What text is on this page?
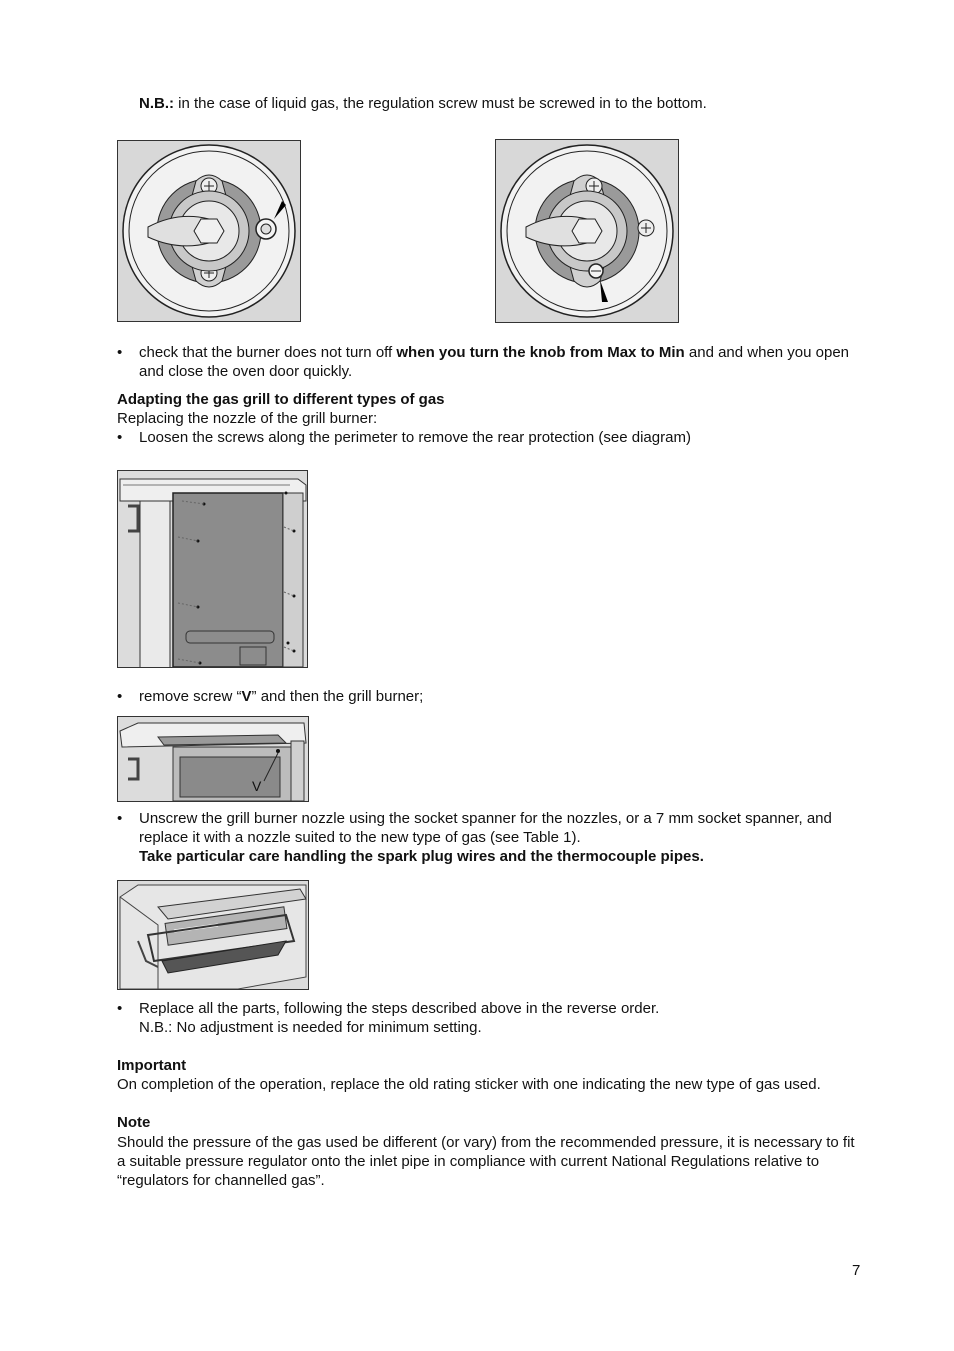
N.B.: in the case of liquid gas, the regulation screw must be screwed in to the bottom.
• check that the burner does not turn off when you turn the knob from Max to Min and and when you open and close the oven door quickly.
Adapting the gas grill to different types of gas
Replacing the nozzle of the grill burner:
• Loosen the screws along the perimeter to remove the rear protection (see diagram)
• remove screw “V” and then the grill burner;
V
• Unscrew the grill burner nozzle using the socket spanner for the nozzles, or a 7 mm socket spanner, and replace it with a nozzle suited to the new type of gas (see Table 1).
Take particular care handling the spark plug wires and the thermocouple pipes.
• Replace all the parts, following the steps described above in the reverse order.
N.B.: No adjustment is needed for minimum setting.
Important
On completion of the operation, replace the old rating sticker with one indicating the new type of gas used.
Note
Should the pressure of the gas used be different (or vary) from the recommended pressure, it is necessary to fit a suitable pressure regulator onto the inlet pipe in compliance with current National Regulations relative to “regulators for channelled gas”.
7
